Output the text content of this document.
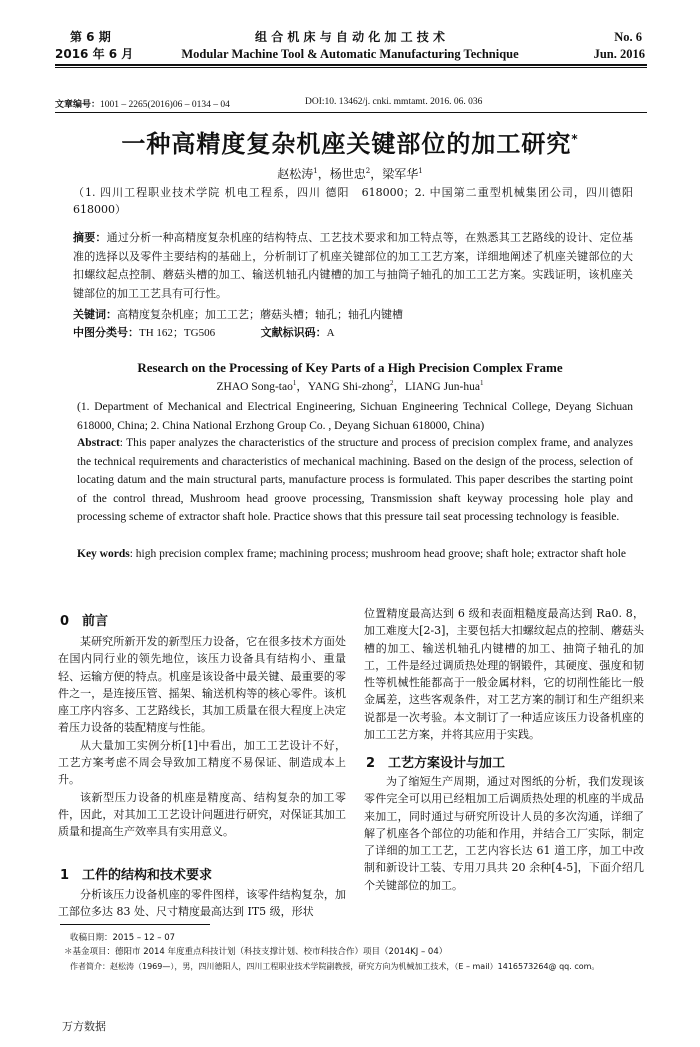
第 6 期
2016 年 6 月
组 合 机 床 与 自 动 化 加 工 技 术
Modular Machine Tool & Automatic Manufacturing Technique
No. 6
Jun. 2016
文章编号：1001 – 2265(2016)06 – 0134 – 04	DOI:10. 13462/j. cnki. mmtamt. 2016. 06. 036
一种高精度复杂机座关键部位的加工研究*
赵松涛$^1$，杨世忠$^2$，梁军华$^1$
（1. 四川工程职业技术学院 机电工程系，四川 德阳　618000；2. 中国第二重型机械集团公司，四川德阳　618000）
摘要：通过分析一种高精度复杂机座的结构特点、工艺技术要求和加工特点等，在熟悉其工艺路线的设计、定位基准的选择以及零件主要结构的基础上，分析制订了机座关键部位的加工工艺方案，详细地阐述了机座关键部位的大扣螺纹起点控制、蘑菇头槽的加工、输送机轴孔内键槽的加工与抽筒子轴孔的加工工艺方案。实践证明，该机座关键部位的加工工艺具有可行性。
关键词：高精度复杂机座；加工工艺；蘑菇头槽；轴孔；轴孔内键槽
中图分类号：TH 162；TG506	文献标识码：A
Research on the Processing of Key Parts of a High Precision Complex Frame
ZHAO Song-tao$^1$，YANG Shi-zhong$^2$，LIANG Jun-hua$^1$
(1. Department of Mechanical and Electrical Engineering, Sichuan Engineering Technical College, Deyang Sichuan 618000, China; 2. China National Erzhong Group Co. , Deyang Sichuan 618000, China)
Abstract: This paper analyzes the characteristics of the structure and process of precision complex frame, and analyzes the technical requirements and characteristics of mechanical machining. Based on the design of the process, selection of locating datum and the main structural parts, manufacture process is formulated. This paper describes the starting point of the control thread, Mushroom head groove processing, Transmission shaft keyway processing hole play and processing scheme of extractor shaft hole. Practice shows that this pressure tail seat processing technology is feasible.
Key words: high precision complex frame; machining process; mushroom head groove; shaft hole; extractor shaft hole
0　前言

某研究所新开发的新型压力设备，它在很多技术方面处在国内同行业的领先地位，该压力设备具有结构小、重量轻、运输方便的特点。机座是该设备中最关键、最重要的零件之一，是连接压管、摇架、输送机构等的核心零件。该机座工序内容多、工艺路线长，其加工质量在很大程度上决定着压力设备的装配精度与性能。

从大量加工实例分析[1]中看出，加工工艺设计不好，工艺方案考虑不周会导致加工精度不易保证、制造成本上升。

该新型压力设备的机座是精度高、结构复杂的加工零件，因此，对其加工工艺设计问题进行研究，对保证其加工质量和提高生产效率具有实用意义。

1　工件的结构和技术要求

分析该压力设备机座的零件图样，该零件结构复杂，加工部位多达 83 处、尺寸精度最高达到 IT5 级，形状

位置精度最高达到 6 级和表面粗糙度最高达到 Ra0. 8，加工难度大[2-3]，主要包括大扣螺纹起点的控制、蘑菇头槽的加工、输送机轴孔内键槽的加工、抽筒子轴孔的加工，工件是经过调质热处理的钢锻件，其硬度、强度和韧性等机械性能都高于一般金属材料，它的切削性能比一般金属差，这些客观条件，对工艺方案的制订和生产组织来说都是一次考验。本文制订了一种适应该压力设备机座的加工工艺方案，并将其应用于实践。

2　工艺方案设计与加工

为了缩短生产周期，通过对图纸的分析，我们发现该零件完全可以用已经粗加工后调质热处理的机座的半成品来加工，同时通过与研究所设计人员的多次沟通，详细了解了机座各个部位的功能和作用，并结合工厂实际，制定了详细的加工工艺，工艺内容长达 61 道工序，加工中改制和新设计工装、专用刀具共 20 余种[4-5]，下面介绍几个关键部位的加工。

收稿日期：2015 – 12 – 07
＊基金项目：德阳市 2014 年度重点科技计划（科技支撑计划、校市科技合作）项目（2014KJ – 04）
作者简介：赵松涛（1969—），男，四川德阳人，四川工程职业技术学院副教授，研究方向为机械加工技术，（E – mail）1416573264@ qq. com。
万方数据
